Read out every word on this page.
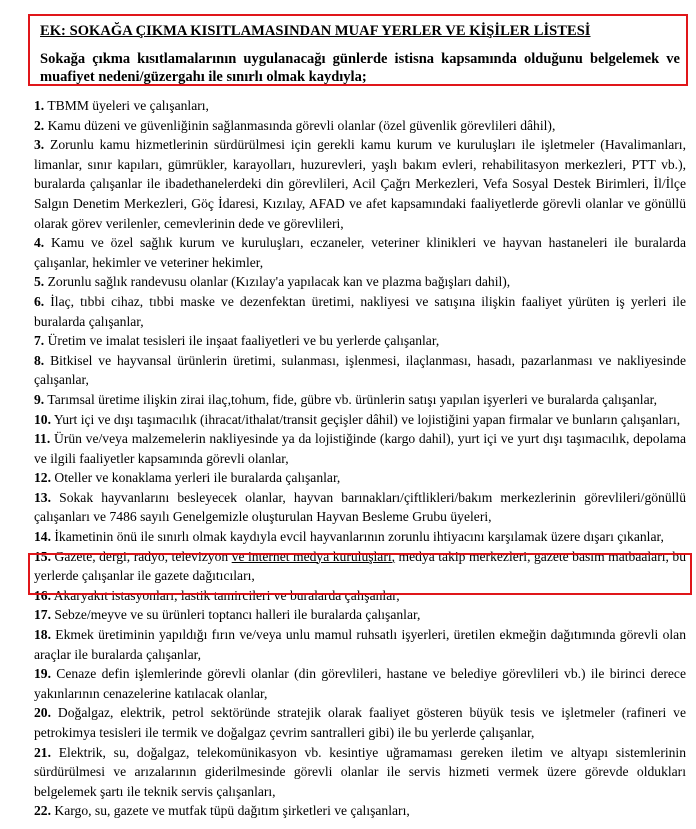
EK: SOKAĞA ÇIKMA KISITLAMASINDAN MUAF YERLER VE KİŞİLER LİSTESİ
Sokağa çıkma kısıtlamalarının uygulanacağı günlerde istisna kapsamında olduğunu belgelemek ve muafiyet nedeni/güzergahı ile sınırlı olmak kaydıyla;

1. TBMM üyeleri ve çalışanları,

2. Kamu düzeni ve güvenliğinin sağlanmasında görevli olanlar (özel güvenlik görevlileri dâhil),

3. Zorunlu kamu hizmetlerinin sürdürülmesi için gerekli kamu kurum ve kuruluşları ile işletmeler (Havalimanları, limanlar, sınır kapıları, gümrükler, karayolları, huzurevleri, yaşlı bakım evleri, rehabilitasyon merkezleri, PTT vb.), buralarda çalışanlar ile ibadethanelerdeki din görevlileri, Acil Çağrı Merkezleri, Vefa Sosyal Destek Birimleri, İl/İlçe Salgın Denetim Merkezleri, Göç İdaresi, Kızılay, AFAD ve afet kapsamındaki faaliyetlerde görevli olanlar ve gönüllü olarak görev verilenler, cemevlerinin dede ve görevlileri,

4. Kamu ve özel sağlık kurum ve kuruluşları, eczaneler, veteriner klinikleri ve hayvan hastaneleri ile buralarda çalışanlar, hekimler ve veteriner hekimler,

5. Zorunlu sağlık randevusu olanlar (Kızılay'a yapılacak kan ve plazma bağışları dahil),

6. İlaç, tıbbi cihaz, tıbbi maske ve dezenfektan üretimi, nakliyesi ve satışına ilişkin faaliyet yürüten iş yerleri ile buralarda çalışanlar,

7. Üretim ve imalat tesisleri ile inşaat faaliyetleri ve bu yerlerde çalışanlar,

8. Bitkisel ve hayvansal ürünlerin üretimi, sulanması, işlenmesi, ilaçlanması, hasadı, pazarlanması ve nakliyesinde çalışanlar,

9. Tarımsal üretime ilişkin zirai ilaç,tohum, fide, gübre vb. ürünlerin satışı yapılan işyerleri ve buralarda çalışanlar,

10. Yurt içi ve dışı taşımacılık (ihracat/ithalat/transit geçişler dâhil) ve lojistiğini yapan firmalar ve bunların çalışanları,

11. Ürün ve/veya malzemelerin nakliyesinde ya da lojistiğinde (kargo dahil), yurt içi ve yurt dışı taşımacılık, depolama ve ilgili faaliyetler kapsamında görevli olanlar,

12. Oteller ve konaklama yerleri ile buralarda çalışanlar,

13. Sokak hayvanlarını besleyecek olanlar, hayvan barınakları/çiftlikleri/bakım merkezlerinin görevlileri/gönüllü çalışanları ve 7486 sayılı Genelgemizle oluşturulan Hayvan Besleme Grubu üyeleri,

14. İkametinin önü ile sınırlı olmak kaydıyla evcil hayvanlarının zorunlu ihtiyacını karşılamak üzere dışarı çıkanlar,

15. Gazete, dergi, radyo, televizyon ve internet medya kuruluşları, medya takip merkezleri, gazete basım matbaaları, bu yerlerde çalışanlar ile gazete dağıtıcıları,

16. Akaryakıt istasyonları, lastik tamircileri ve buralarda çalışanlar,

17. Sebze/meyve ve su ürünleri toptancı halleri ile buralarda çalışanlar,

18. Ekmek üretiminin yapıldığı fırın ve/veya unlu mamul ruhsatlı işyerleri, üretilen ekmeğin dağıtımında görevli olan araçlar ile buralarda çalışanlar,

19. Cenaze defin işlemlerinde görevli olanlar (din görevlileri, hastane ve belediye görevlileri vb.) ile birinci derece yakınlarının cenazelerine katılacak olanlar,

20. Doğalgaz, elektrik, petrol sektöründe stratejik olarak faaliyet gösteren büyük tesis ve işletmeler (rafineri ve petrokimya tesisleri ile termik ve doğalgaz çevrim santralleri gibi) ile bu yerlerde çalışanlar,

21. Elektrik, su, doğalgaz, telekomünikasyon vb. kesintiye uğramaması gereken iletim ve altyapı sistemlerinin sürdürülmesi ve arızalarının giderilmesinde görevli olanlar ile servis hizmeti vermek üzere görevde oldukları belgelemek şartı ile teknik servis çalışanları,

22. Kargo, su, gazete ve mutfak tüpü dağıtım şirketleri ve çalışanları,
